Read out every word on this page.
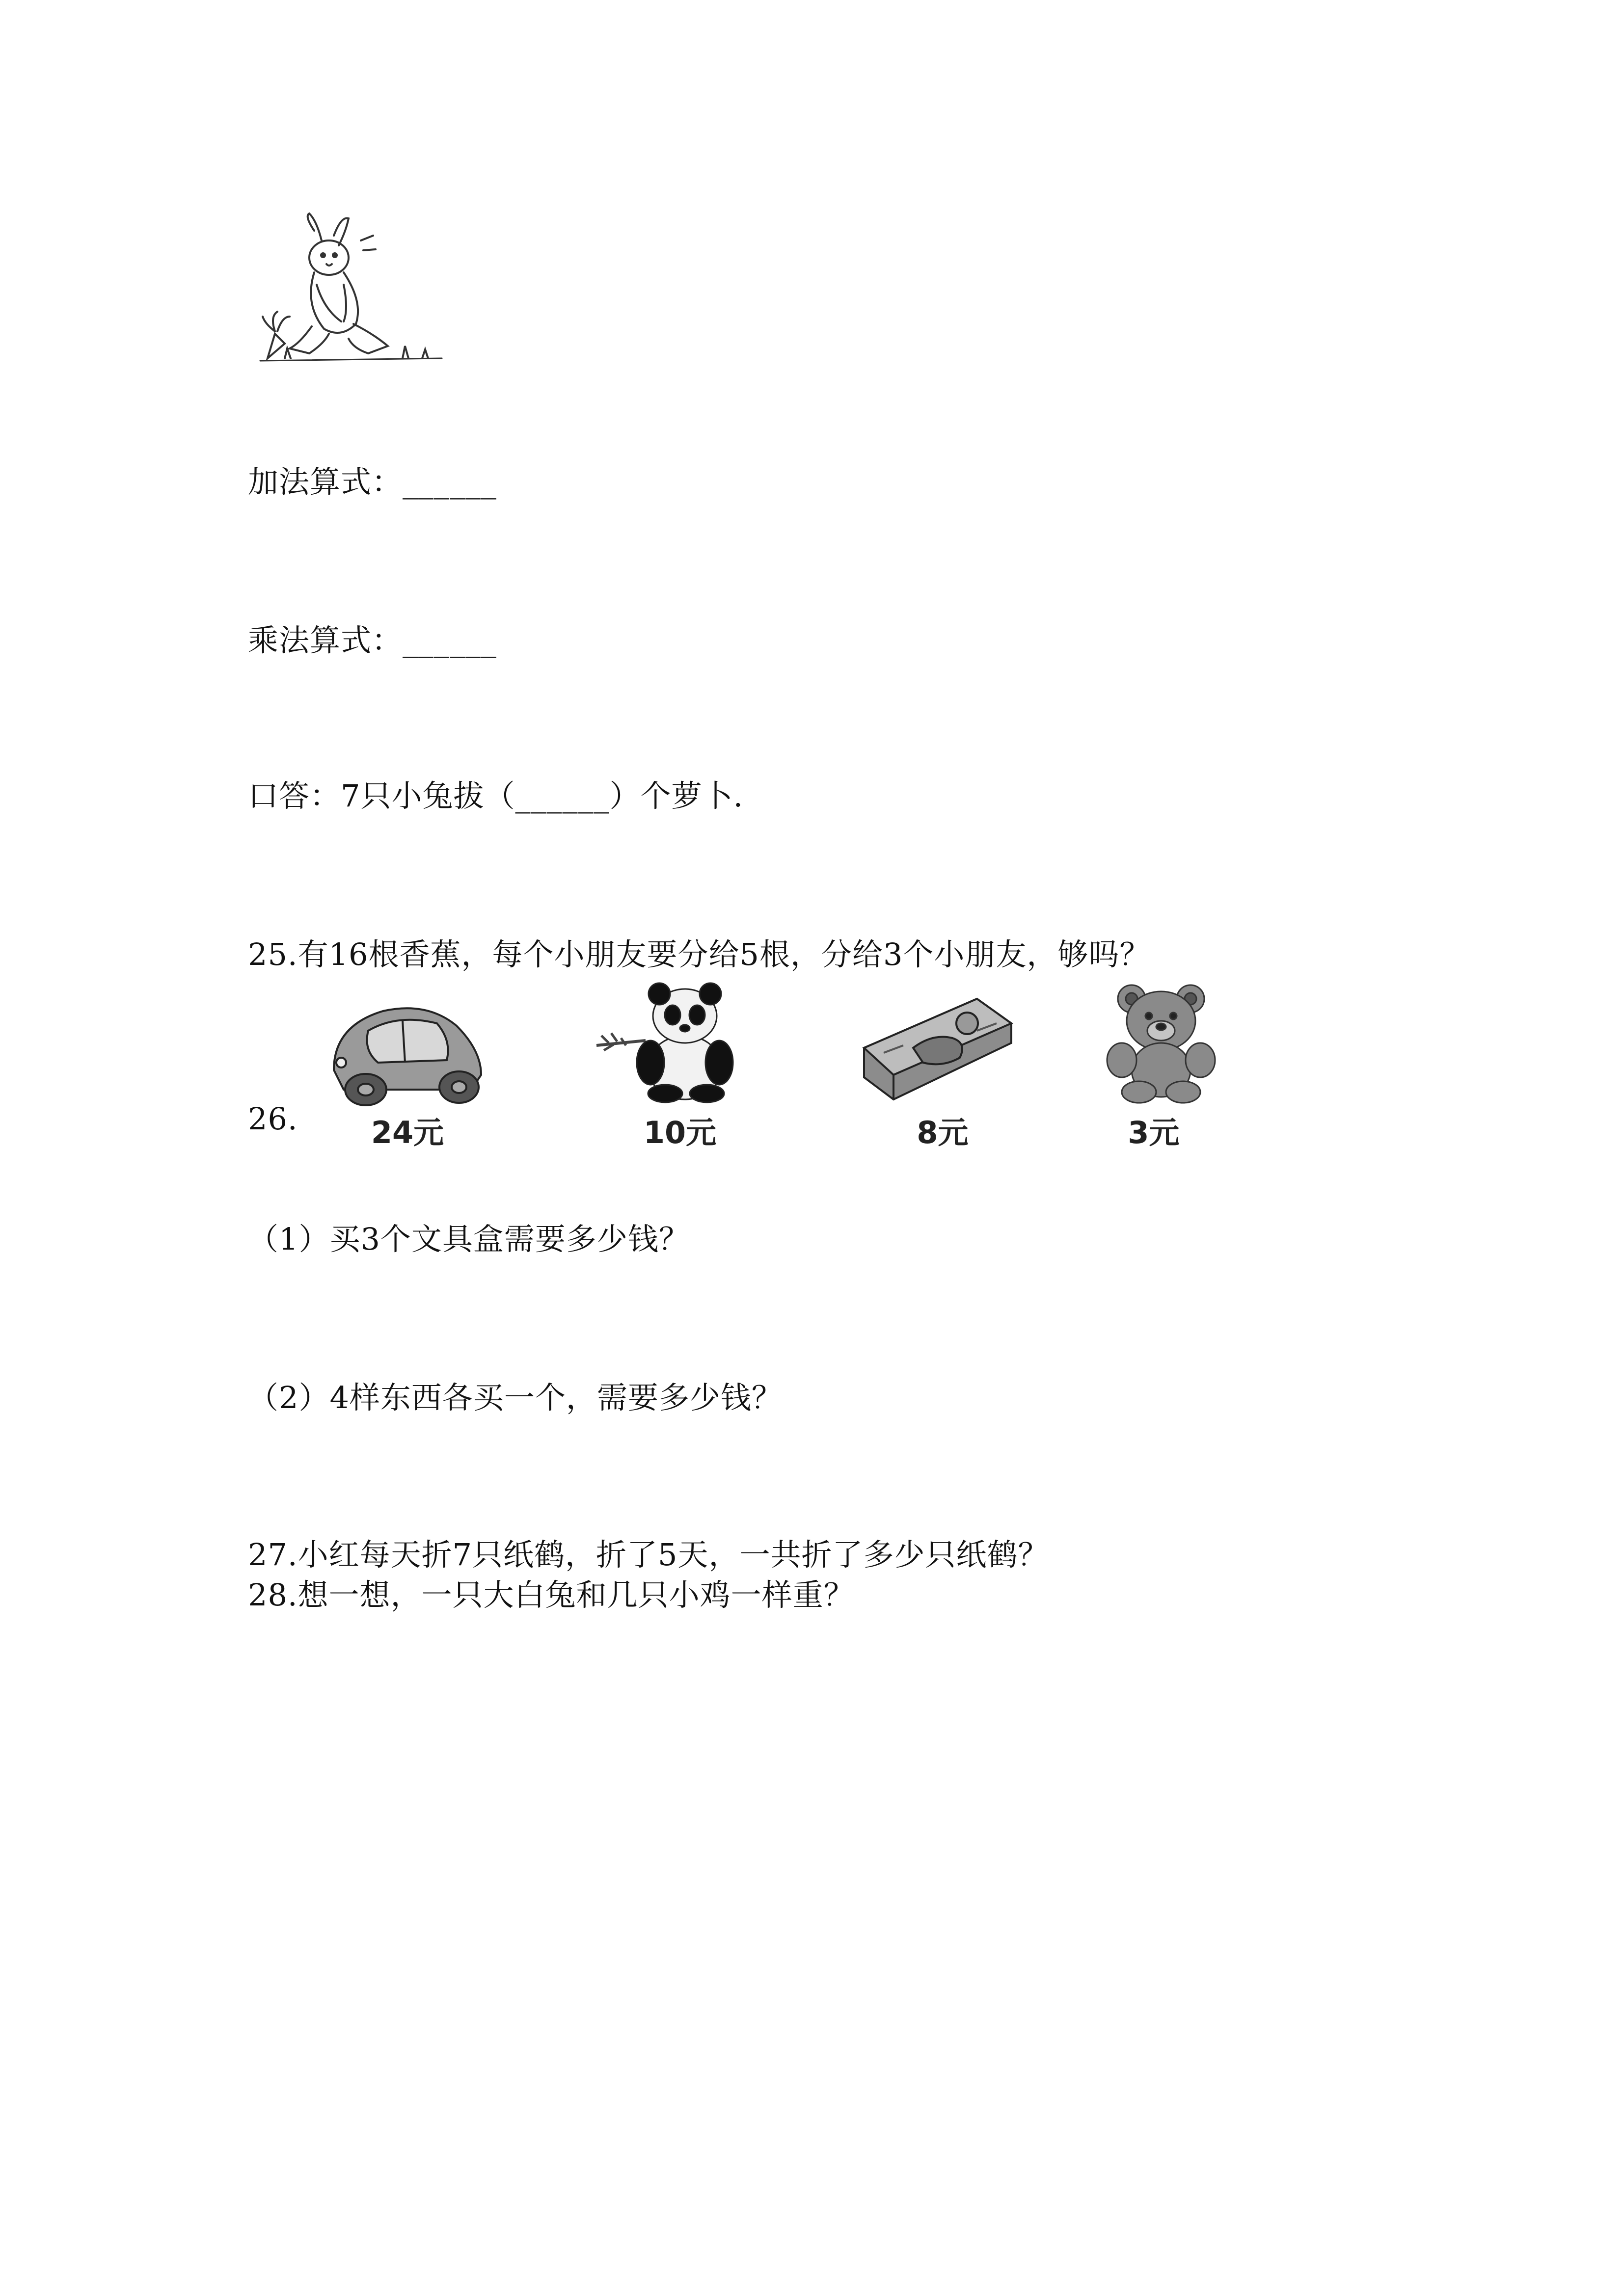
加法算式：______
乘法算式：______
口答：7只小兔拔（______）个萝卜.
25.有16根香蕉，每个小朋友要分给5根，分给3个小朋友，够吗？
26.	24元	10元	8元	3元
（1）买3个文具盒需要多少钱？
（2）4样东西各买一个，需要多少钱？
27.小红每天折7只纸鹤，折了5天，一共折了多少只纸鹤？
28.想一想，一只大白兔和几只小鸡一样重？
